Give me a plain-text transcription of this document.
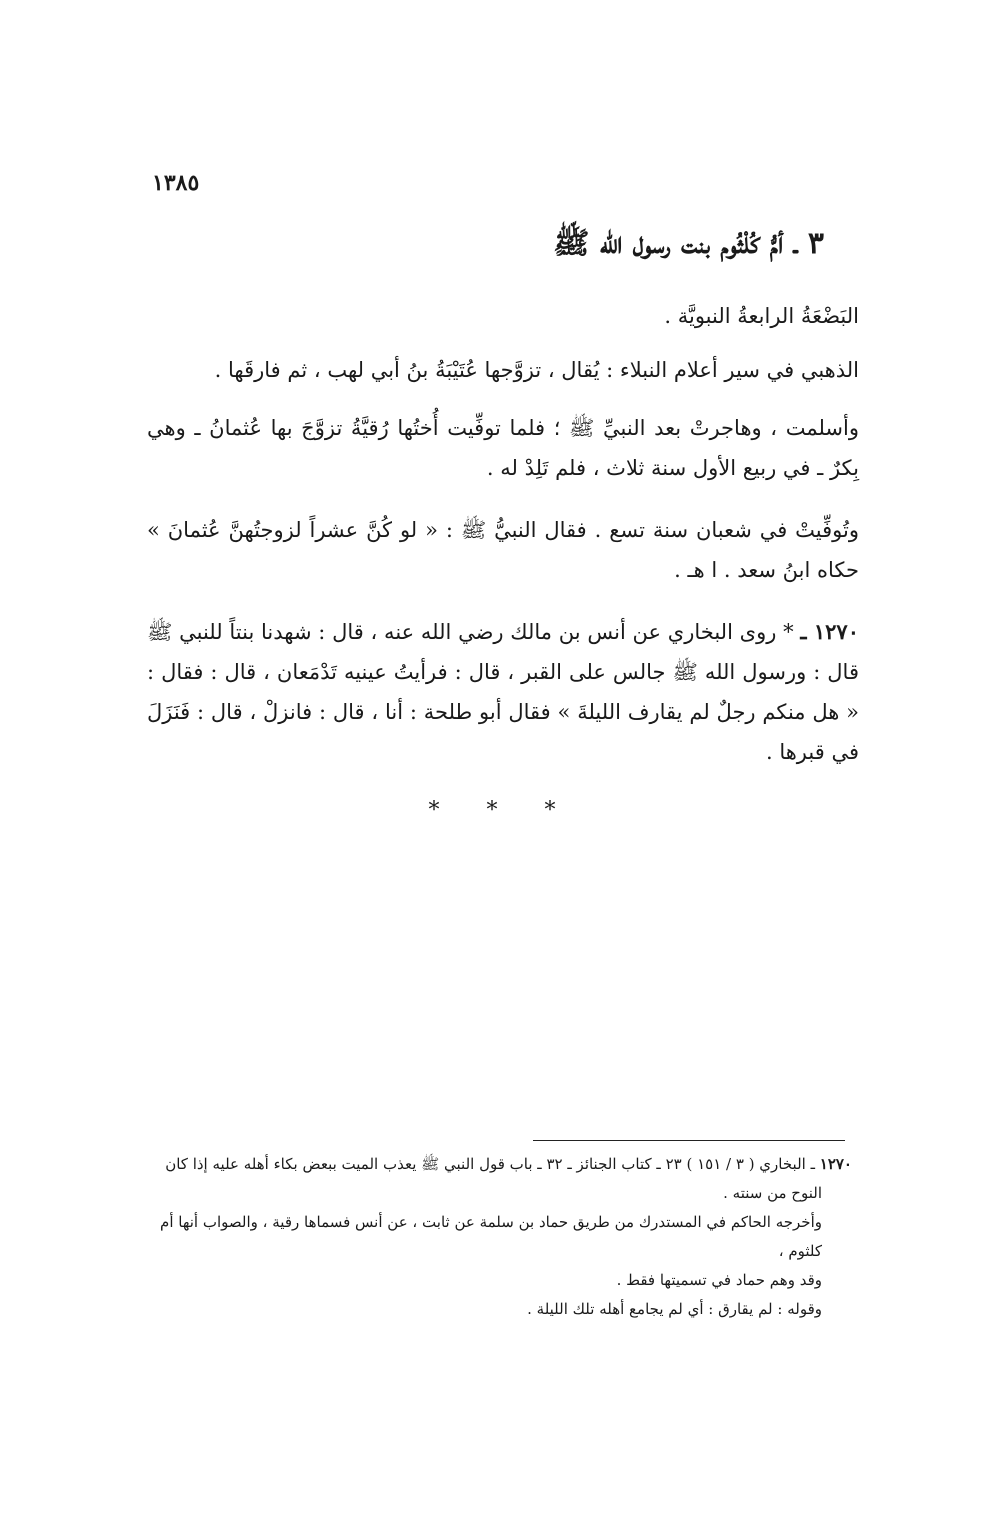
١٣٨٥
٣ ـ أمُّ كُلْثُوم بنت رسول الله ﷺ
البَضْعَةُ الرابعةُ النبويَّة .
الذهبي في سير أعلام النبلاء : يُقال ، تزوَّجها عُتَيْبَةُ بنُ أبي لهب ، ثم فارقَها .
وأسلمت ، وهاجرتْ بعد النبيِّ ﷺ ؛ فلما توفِّيت أُختُها رُقيَّةُ تزوَّجَ بها عُثمانُ ـ وهي بِكرٌ ـ في ربيع الأول سنة ثلاث ، فلم تَلِدْ له .
وتُوفِّيتْ في شعبان سنة تسع . فقال النبيُّ ﷺ : « لو كُنَّ عشراً لزوجتُهنَّ عُثمانَ » حكاه ابنُ سعد . ا هـ .
١٢٧٠ ـ * روى البخاري عن أنس بن مالك رضي الله عنه ، قال : شهدنا بنتاً للنبي ﷺ قال : ورسول الله ﷺ جالس على القبر ، قال : فرأيتُ عينيه تَدْمَعان ، قال : فقال : « هل منكم رجلٌ لم يقارف الليلةَ » فقال أبو طلحة : أنا ، قال : فانزلْ ، قال : فَنَزَلَ في قبرها .
* * *

١٢٧٠ ـ البخاري ( ٣ / ١٥١ ) ٢٣ ـ كتاب الجنائز ـ ٣٢ ـ باب قول النبي ﷺ يعذب الميت ببعض بكاء أهله عليه إذا كان

النوح من سنته .

وأخرجه الحاكم في المستدرك من طريق حماد بن سلمة عن ثابت ، عن أنس فسماها رقية ، والصواب أنها أم كلثوم ،

وقد وهم حماد في تسميتها فقط .

وقوله : لم يقارق : أي لم يجامع أهله تلك الليلة .
